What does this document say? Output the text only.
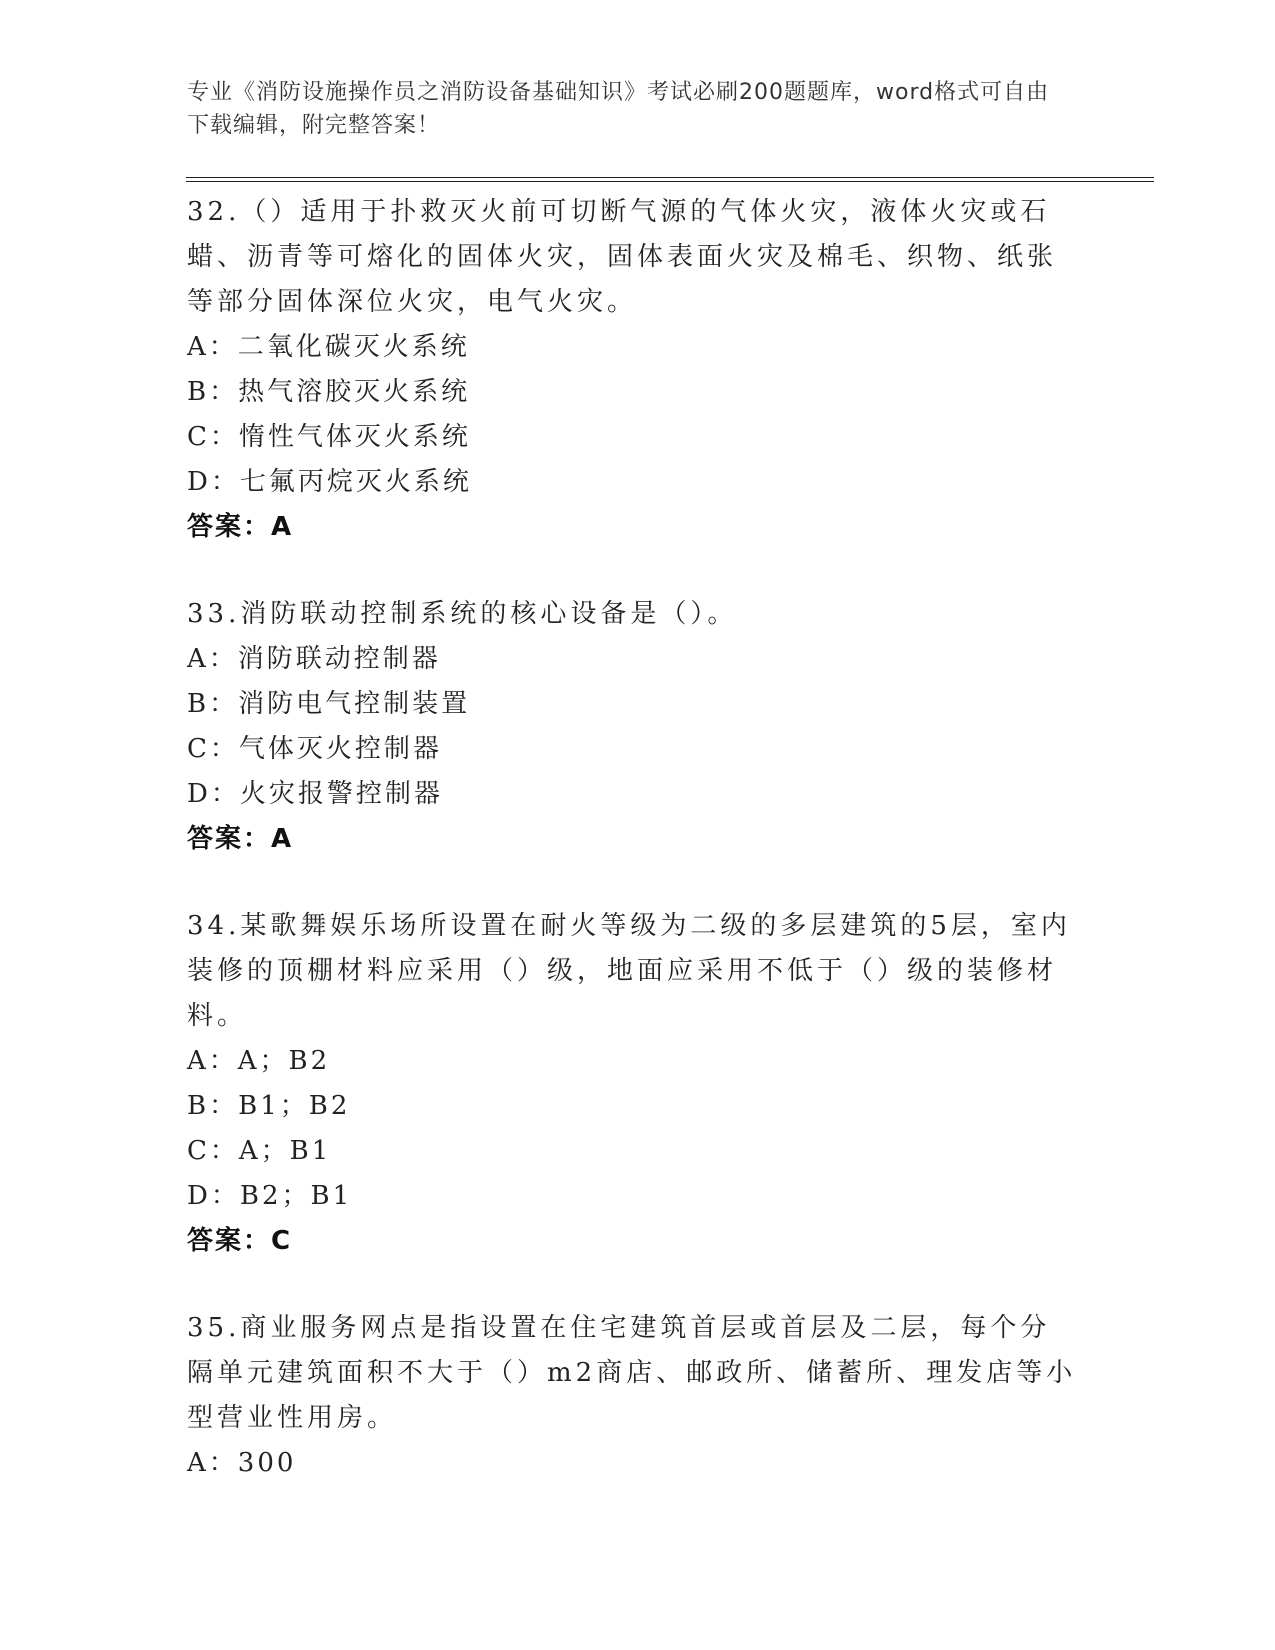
专业《消防设施操作员之消防设备基础知识》考试必刷200题题库，word格式可自由下载编辑，附完整答案！
32.（）适用于扑救灭火前可切断气源的气体火灾，液体火灾或石蜡、沥青等可熔化的固体火灾，固体表面火灾及棉毛、织物、纸张等部分固体深位火灾，电气火灾。
A：二氧化碳灭火系统
B：热气溶胶灭火系统
C：惰性气体灭火系统
D：七氟丙烷灭火系统
答案：A
33.消防联动控制系统的核心设备是（）。
A：消防联动控制器
B：消防电气控制装置
C：气体灭火控制器
D：火灾报警控制器
答案：A
34.某歌舞娱乐场所设置在耐火等级为二级的多层建筑的5层，室内装修的顶棚材料应采用（）级，地面应采用不低于（）级的装修材料。
A：A；B2
B：B1；B2
C：A；B1
D：B2；B1
答案：C
35.商业服务网点是指设置在住宅建筑首层或首层及二层，每个分隔单元建筑面积不大于（）m2商店、邮政所、储蓄所、理发店等小型营业性用房。
A：300
